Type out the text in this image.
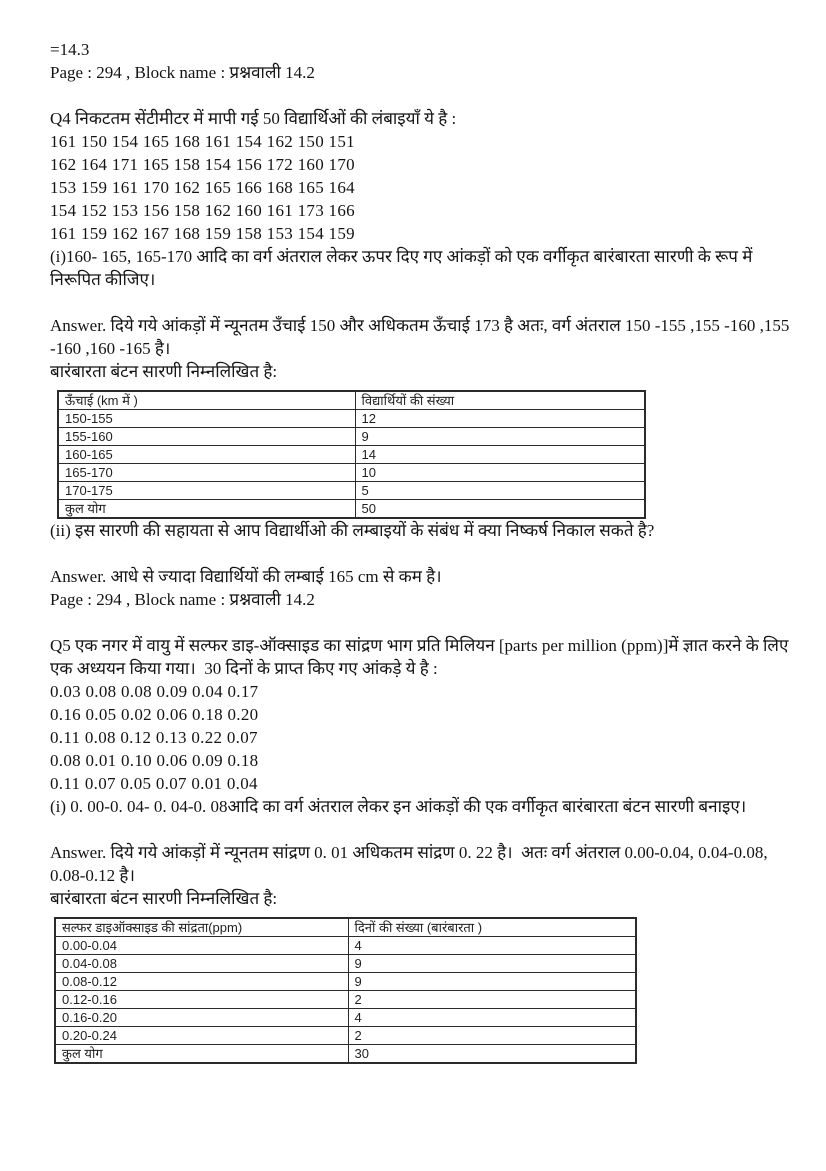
=14.3

Page : 294 , Block name : प्रश्नवाली 14.2

Q4 निकटतम सेंटीमीटर में मापी गई 50 विद्यार्थिओं की लंबाइयाँ ये है :

161 150 154 165 168 161 154 162 150 151

162 164 171 165 158 154 156 172 160 170

153 159 161 170 162 165 166 168 165 164

154 152 153 156 158 162 160 161 173 166

161 159 162 167 168 159 158 153 154 159

(i)160- 165, 165-170 आदि का वर्ग अंतराल लेकर ऊपर दिए गए आंकड़ों को एक वर्गीकृत बारंबारता सारणी के रूप में निरूपित कीजिए।

Answer. दिये गये आंकड़ों में न्यूनतम उँचाई 150 और अधिकतम ऊँचाई 173 है अतः, वर्ग अंतराल 150 -155 ,155 -160 ,155 -160 ,160 -165 है।

बारंबारता बंटन सारणी निम्नलिखित है:

ऊँचाई (km में )	विद्यार्थियों की संख्या
150-155	12
155-160	9
160-165	14
165-170	10
170-175	5
कुल योग	50

(ii) इस सारणी की सहायता से आप विद्यार्थीओ की लम्बाइयों के संबंध में क्या निष्कर्ष निकाल सकते है?

Answer. आधे से ज्यादा विद्यार्थियों की लम्बाई 165 cm से कम है।

Page : 294 , Block name : प्रश्नवाली 14.2

Q5 एक नगर में वायु में सल्फर डाइ-ऑक्साइड का सांद्रण भाग प्रति मिलियन [parts per million (ppm)]में ज्ञात करने के लिए एक अध्ययन किया गया।  30 दिनों के प्राप्त किए गए आंकड़े ये है :

0.03 0.08 0.08 0.09 0.04 0.17

0.16 0.05 0.02 0.06 0.18 0.20

0.11 0.08 0.12 0.13 0.22 0.07

0.08 0.01 0.10 0.06 0.09 0.18

0.11 0.07 0.05 0.07 0.01 0.04

(i) 0. 00-0. 04- 0. 04-0. 08आदि का वर्ग अंतराल लेकर इन आंकड़ों की एक वर्गीकृत बारंबारता बंटन सारणी बनाइए।

Answer. दिये गये आंकड़ों में न्यूनतम सांद्रण 0. 01 अधिकतम सांद्रण 0. 22 है।  अतः वर्ग अंतराल 0.00-0.04, 0.04-0.08, 0.08-0.12 है।

बारंबारता बंटन सारणी निम्नलिखित है:

सल्फर डाइऑक्साइड की सांद्रता(ppm)	दिनों की संख्या (बारंबारता )
0.00-0.04	4
0.04-0.08	9
0.08-0.12	9
0.12-0.16	2
0.16-0.20	4
0.20-0.24	2
कुल योग	30
